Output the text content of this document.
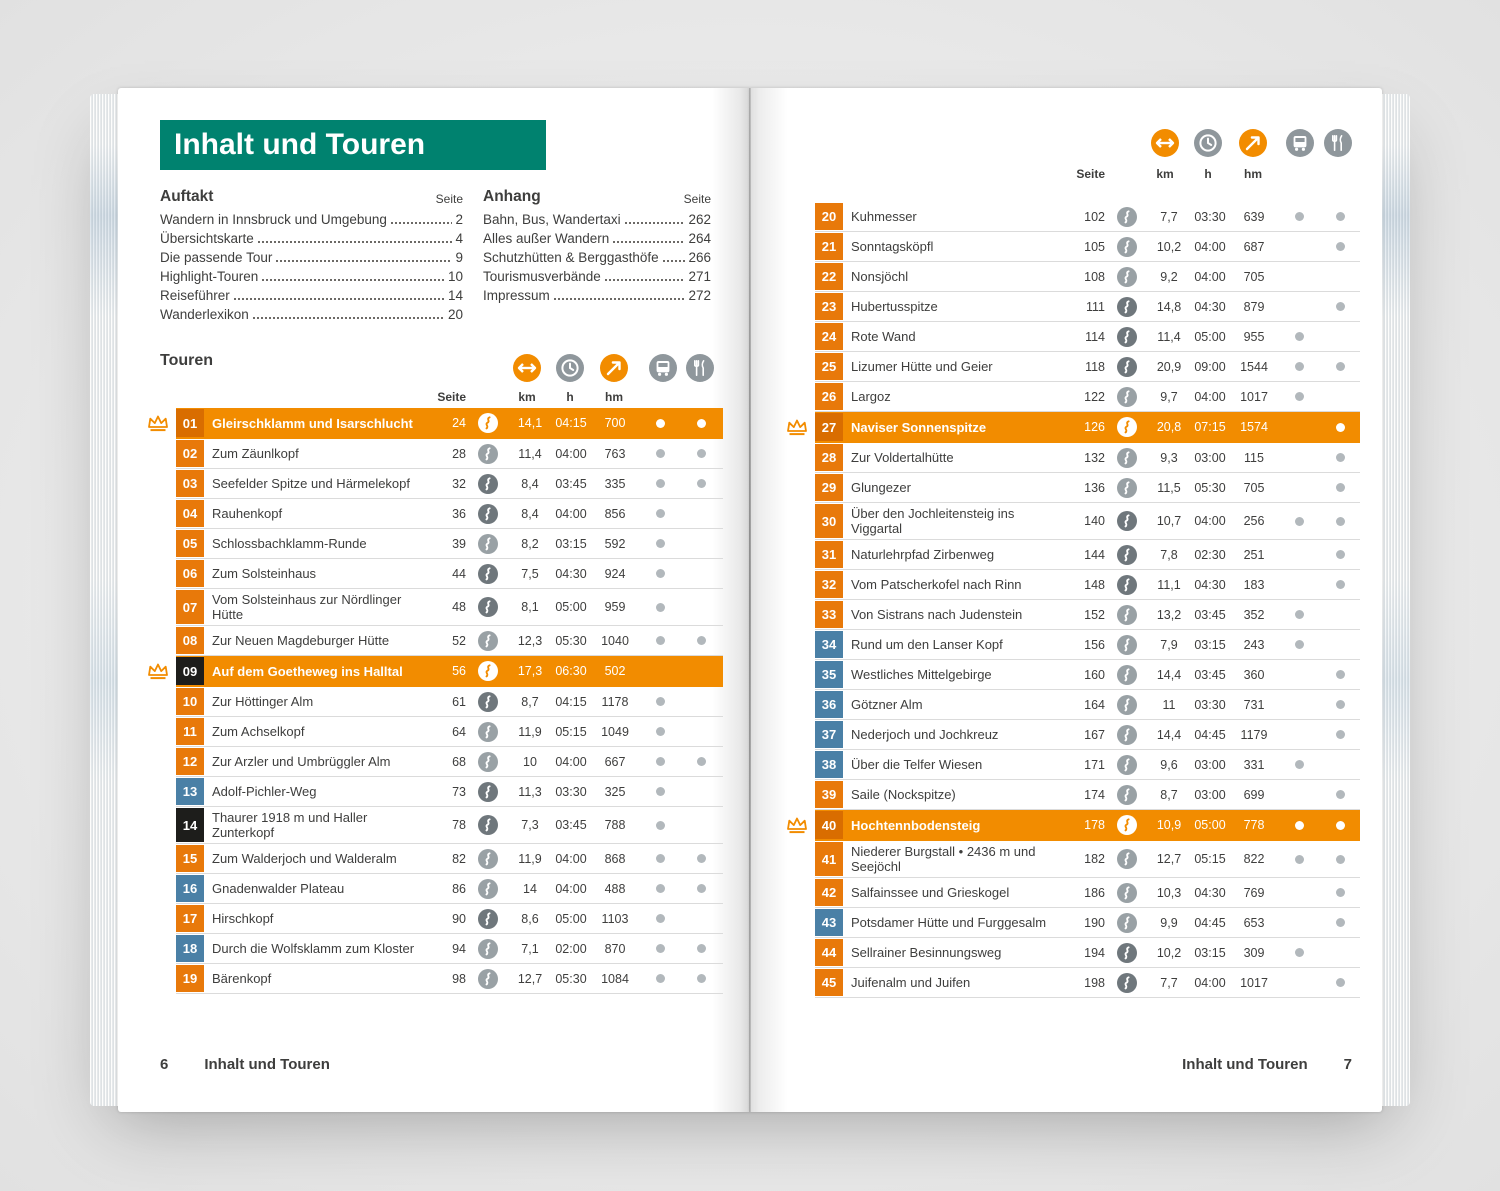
Inhalt und Touren
Auftakt	Seite
Wandern in Innsbruck und Umgebung	2
Übersichtskarte	4
Die passende Tour	9
Highlight-Touren	10
Reiseführer	14
Wanderlexikon	20
Anhang	Seite
Bahn, Bus, Wandertaxi	262
Alles außer Wandern	264
Schutzhütten & Berggasthöfe 266
Tourismusverbände	271
Impressum	272
Touren
Seite	km	h	hm
Seite	km	h	hm
01	Gleirschklamm und Isarschlucht	24	14,1	04:15	700
02	Zum Zäunlkopf	28	11,4	04:00	763
03	Seefelder Spitze und Härmelekopf	32	8,4	03:45	335
04	Rauhenkopf	36	8,4	04:00	856
05	Schlossbachklamm-Runde	39	8,2	03:15	592
06	Zum Solsteinhaus	44	7,5	04:30	924
07	Vom Solsteinhaus zur Nördlinger Hütte	48	8,1	05:00	959
08	Zur Neuen Magdeburger Hütte	52	12,3	05:30	1040
09	Auf dem Goetheweg ins Halltal	56	17,3	06:30	502
10	Zur Höttinger Alm	61	8,7	04:15	1178
11	Zum Achselkopf	64	11,9	05:15	1049
12	Zur Arzler und Umbrüggler Alm	68	10	04:00	667
13	Adolf-Pichler-Weg	73	11,3	03:30	325
14	Thaurer 1918 m und Haller Zunterkopf	78	7,3	03:45	788
15	Zum Walderjoch und Walderalm	82	11,9	04:00	868
16	Gnadenwalder Plateau	86	14	04:00	488
17	Hirschkopf	90	8,6	05:00	1103
18	Durch die Wolfsklamm zum Kloster	94	7,1	02:00	870
19	Bärenkopf	98	12,7	05:30	1084
20	Kuhmesser	102	7,7	03:30	639
21	Sonntagsköpfl	105	10,2	04:00	687
22	Nonsjöchl	108	9,2	04:00	705
23	Hubertusspitze	111	14,8	04:30	879
24	Rote Wand	114	11,4	05:00	955
25	Lizumer Hütte und Geier	118	20,9	09:00	1544
26	Largoz	122	9,7	04:00	1017
27	Naviser Sonnenspitze	126	20,8	07:15	1574
28	Zur Voldertalhütte	132	9,3	03:00	115
29	Glungezer	136	11,5	05:30	705
30	Über den Jochleitensteig ins Viggartal	140	10,7	04:00	256
31	Naturlehrpfad Zirbenweg	144	7,8	02:30	251
32	Vom Patscherkofel nach Rinn	148	11,1	04:30	183
33	Von Sistrans nach Judenstein	152	13,2	03:45	352
34	Rund um den Lanser Kopf	156	7,9	03:15	243
35	Westliches Mittelgebirge	160	14,4	03:45	360
36	Götzner Alm	164	11	03:30	731
37	Nederjoch und Jochkreuz	167	14,4	04:45	1179
38	Über die Telfer Wiesen	171	9,6	03:00	331
39	Saile (Nockspitze)	174	8,7	03:00	699
40	Hochtennbodensteig	178	10,9	05:00	778
41	Niederer Burgstall • 2436 m und Seejöchl	182	12,7	05:15	822
42	Salfainssee und Grieskogel	186	10,3	04:30	769
43	Potsdamer Hütte und Furggesalm	190	9,9	04:45	653
44	Sellrainer Besinnungsweg	194	10,2	03:15	309
45	Juifenalm und Juifen	198	7,7	04:00	1017
6 Inhalt und Touren	Inhalt und Touren 7
